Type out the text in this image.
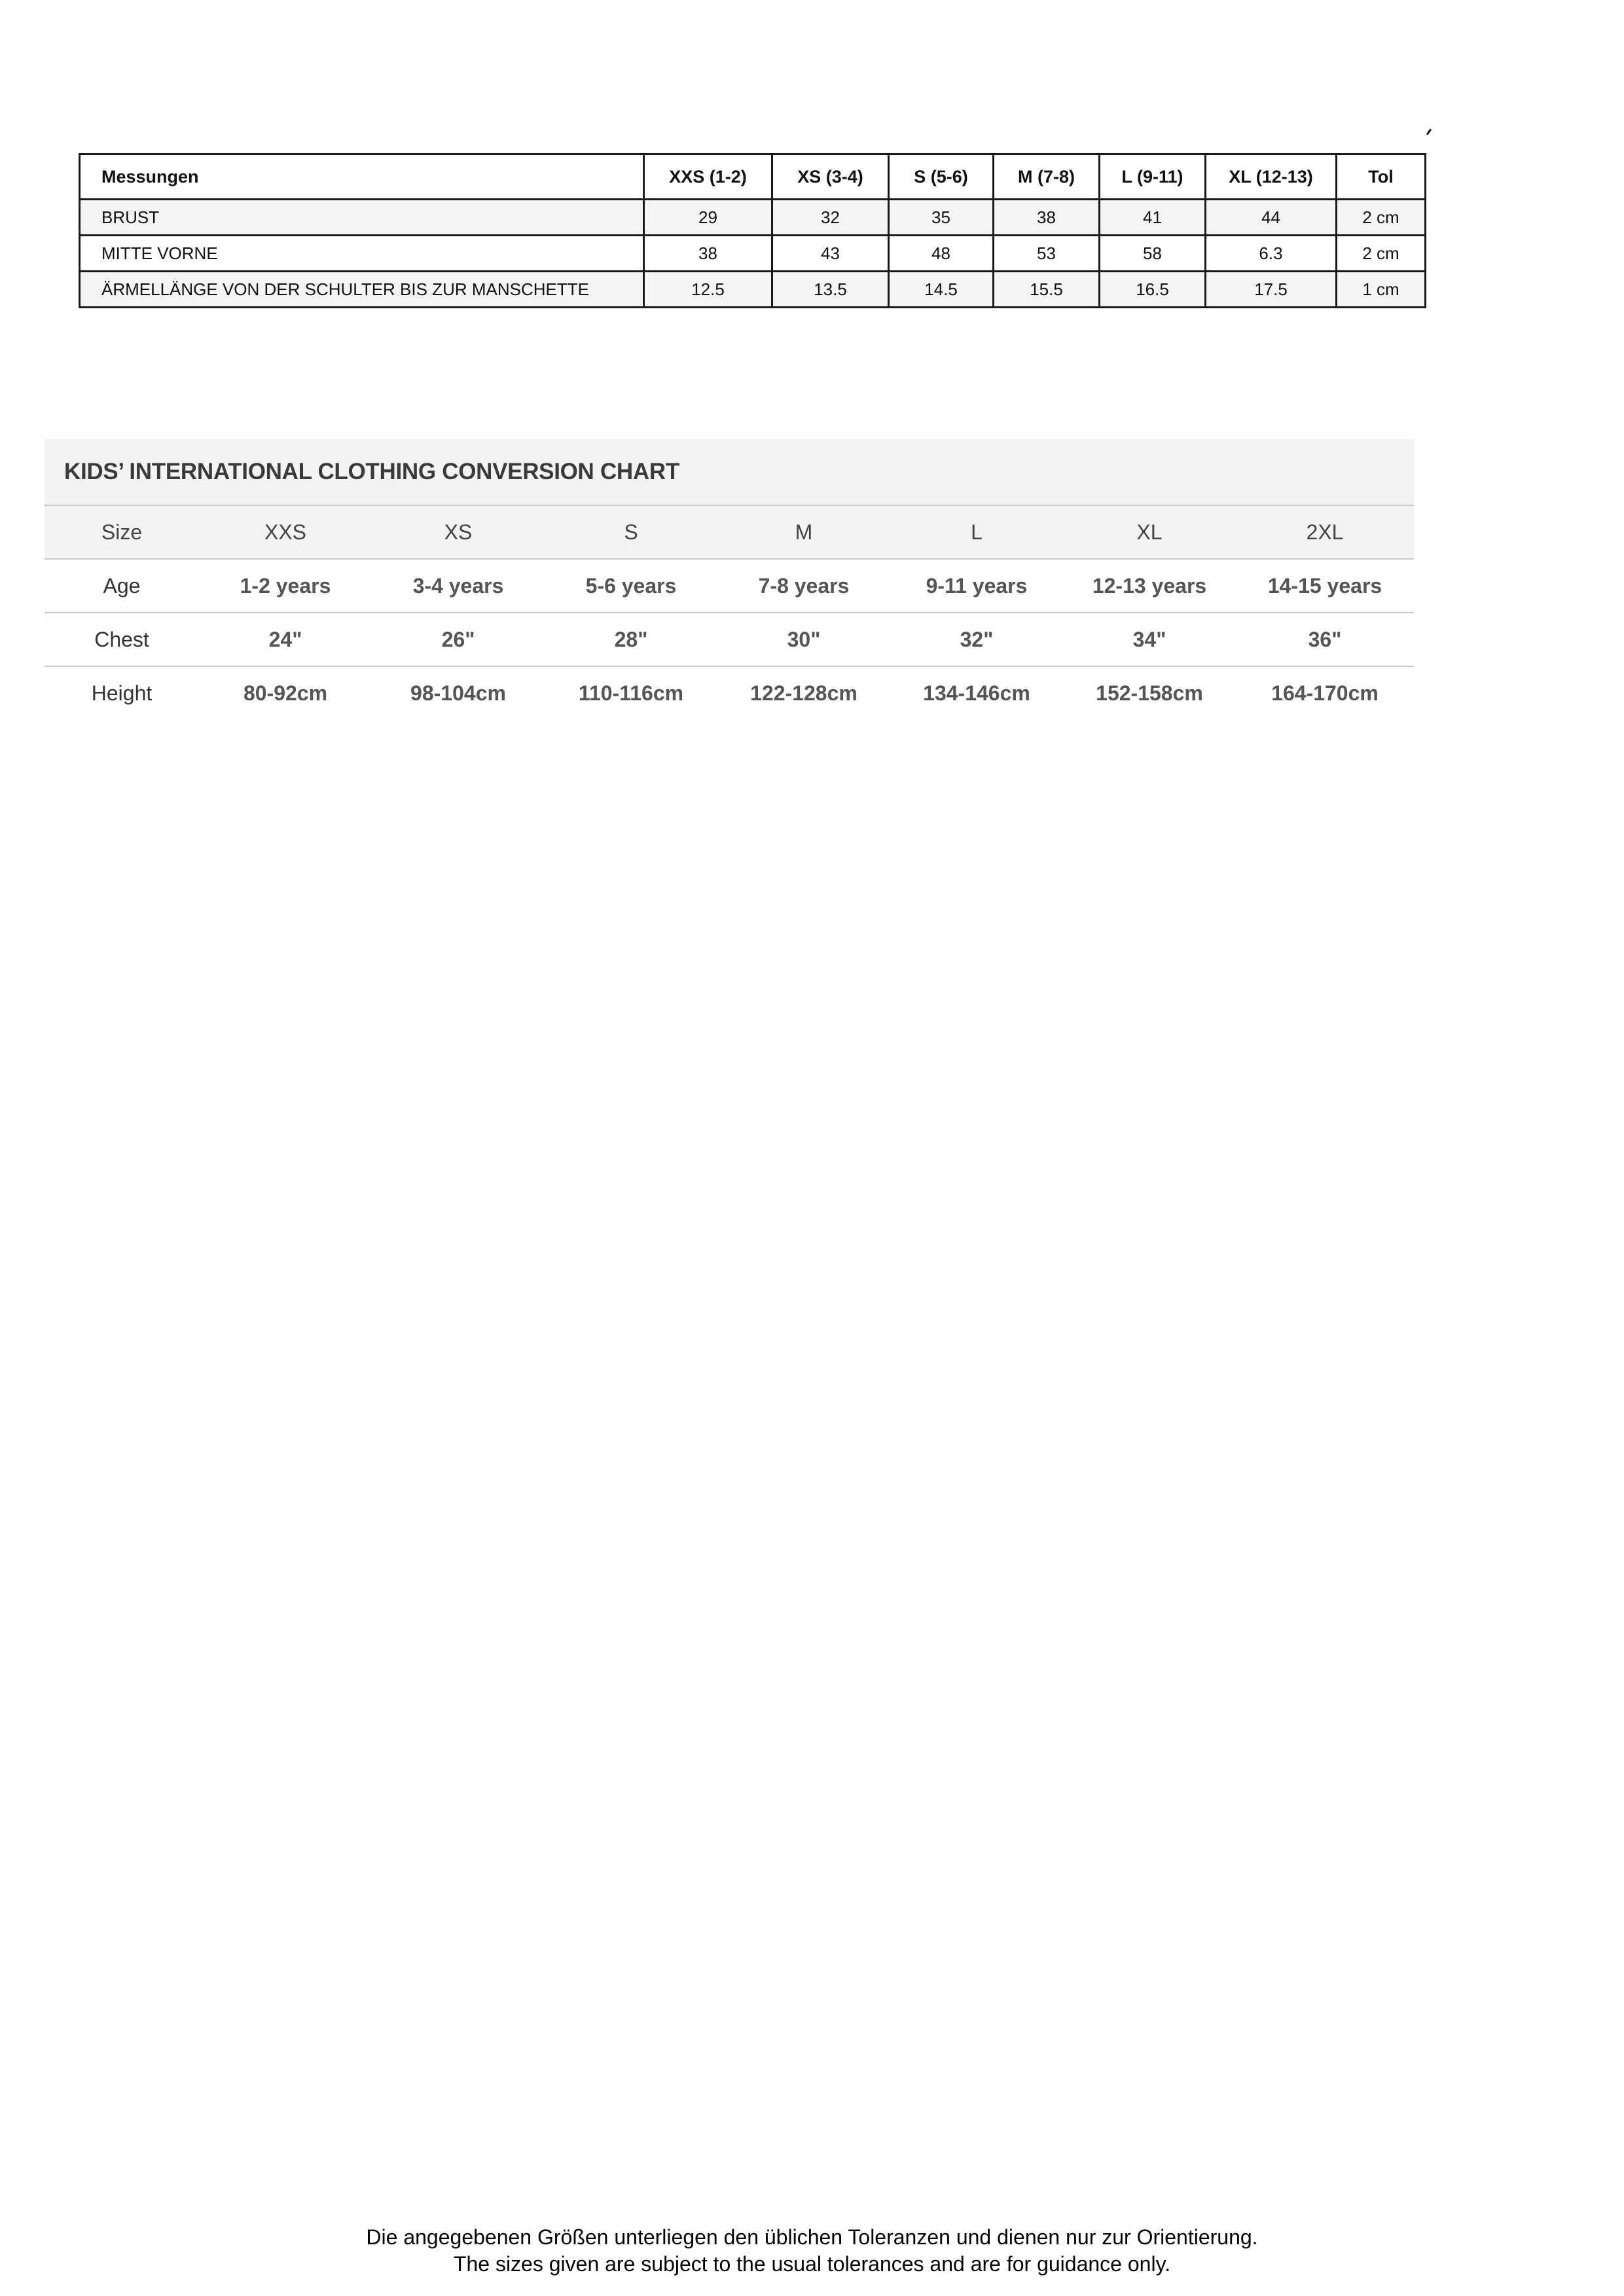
Messungen	XXS (1-2)	XS (3-4)	S (5-6)	M (7-8)	L (9-11)	XL (12-13)	Tol
BRUST	29	32	35	38	41	44	2 cm
MITTE VORNE	38	43	48	53	58	6.3	2 cm
ÄRMELLÄNGE VON DER SCHULTER BIS ZUR MANSCHETTE	12.5	13.5	14.5	15.5	16.5	17.5	1 cm
KIDS’ INTERNATIONAL CLOTHING CONVERSION CHART
Size	XXS	XS	S	M	L	XL	2XL
Age	1-2 years	3-4 years	5-6 years	7-8 years	9-11 years	12-13 years	14-15 years
Chest	24"	26"	28"	30"	32"	34"	36"
Height	80-92cm	98-104cm	110-116cm	122-128cm	134-146cm	152-158cm	164-170cm
Die angegebenen Größen unterliegen den üblichen Toleranzen und dienen nur zur Orientierung.
The sizes given are subject to the usual tolerances and are for guidance only.
